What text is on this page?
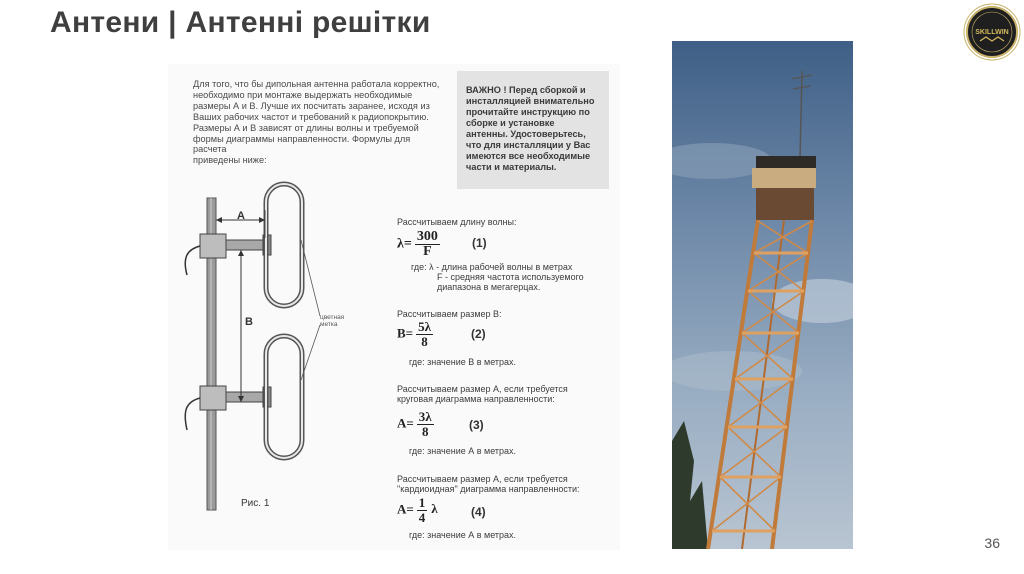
Антени | Антенні решітки	SKILLWIN
Для того, что бы дипольная антенна работала корректно,
необходимо при монтаже выдержать необходимые
размеры А и В. Лучше их посчитать заранее, исходя из
Ваших рабочих частот и требований к радиопокрытию.
Размеры А и В зависят от длины волны и требуемой
формы диаграммы направленности. Формулы для расчета
приведены ниже:
ВАЖНО ! Перед сборкой и
инсталляцией внимательно
прочитайте инструкцию по
сборке и установке
антенны. Удостоверьтесь,
что для инсталляции у Вас
имеются все необходимые
части и материалы.
A
B	цветная
метка
Рис. 1
Рассчитываем длину волны:
$\lambda= \frac{300}{F}$	(1)
где: λ - длина рабочей волны в метрах
F - средняя частота используемого
диапазона в мегагерцах.
Рассчитываем размер В:
$B= \frac{5\lambda}{8}$	(2)
где: значение В в метрах.
Рассчитываем размер А, если требуется
круговая диаграмма направленности:
$A= \frac{3\lambda}{8}$	(3)
где: значение А в метрах.
Рассчитываем размер А, если требуется
"кардиоидная" диаграмма направленности:
$A= \frac{1}{4}$ λ	(4)
где: значение А в метрах.	36
